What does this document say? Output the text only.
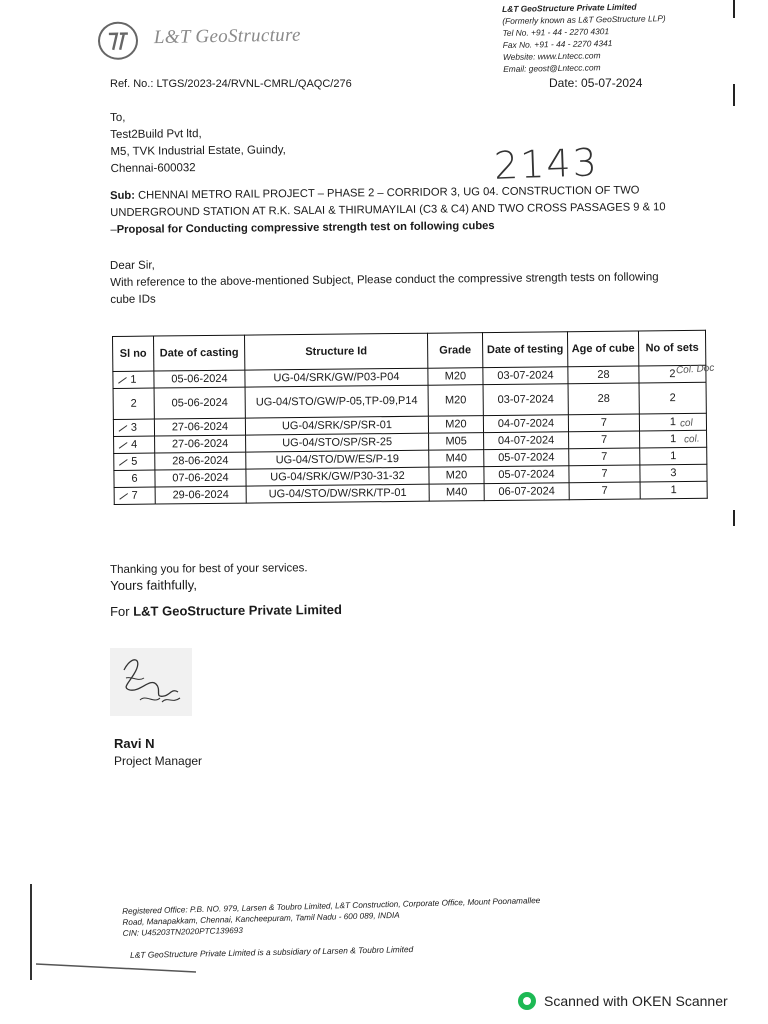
L&T GeoStructure
L&T GeoStructure Private Limited
(Formerly known as L&T GeoStructure LLP)
Tel No. +91 - 44 - 2270 4301
Fax No. +91 - 44 - 2270 4341
Website: www.Lntecc.com
Email: geost@Lntecc.com
Ref. No.: LTGS/2023-24/RVNL-CMRL/QAQC/276	Date: 05-07-2024
To,
Test2Build Pvt ltd,
M5, TVK Industrial Estate, Guindy,
Chennai-600032	2143
Sub: CHENNAI METRO RAIL PROJECT – PHASE 2 – CORRIDOR 3, UG 04. CONSTRUCTION OF TWO UNDERGROUND STATION AT R.K. SALAI & THIRUMAYILAI (C3 & C4) AND TWO CROSS PASSAGES 9 & 10 –Proposal for Conducting compressive strength test on following cubes
Dear Sir,
With reference to the above-mentioned Subject, Please conduct the compressive strength tests on following cube IDs
Sl no	Date of casting	Structure Id	Grade	Date of testing	Age of cube	No of sets
1	05-06-2024	UG-04/SRK/GW/P03-P04	M20	03-07-2024	28	2
2	05-06-2024	UG-04/STO/GW/P-05,TP-09,P14	M20	03-07-2024	28	2
3	27-06-2024	UG-04/SRK/SP/SR-01	M20	04-07-2024	7	1
4	27-06-2024	UG-04/STO/SP/SR-25	M05	04-07-2024	7	1
5	28-06-2024	UG-04/STO/DW/ES/P-19	M40	05-07-2024	7	1
6	07-06-2024	UG-04/SRK/GW/P30-31-32	M20	05-07-2024	7	3
7	29-06-2024	UG-04/STO/DW/SRK/TP-01	M40	06-07-2024	7	1
Col. Doc
col
col.
Thanking you for best of your services.
Yours faithfully,
For L&T GeoStructure Private Limited
Ravi N
Project Manager
Registered Office: P.B. NO. 979, Larsen & Toubro Limited, L&T Construction, Corporate Office, Mount Poonamallee Road, Manapakkam, Chennai, Kancheepuram, Tamil Nadu - 600 089, INDIA
CIN: U45203TN2020PTC139693
L&T GeoStructure Private Limited is a subsidiary of Larsen & Toubro Limited
Scanned with OKEN Scanner
